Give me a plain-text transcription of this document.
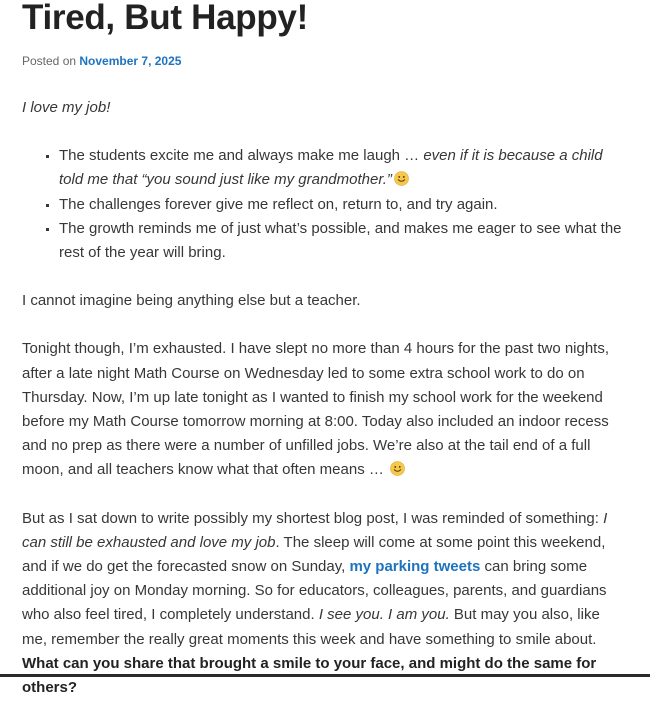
Tired, But Happy!
Posted on November 7, 2025

I love my job!

▪ The students excite me and always make me laugh … even if it is because a child told me that “you sound just like my grandmother.”
▪ The challenges forever give me reflect on, return to, and try again.
▪ The growth reminds me of just what’s possible, and makes me eager to see what the rest of the year will bring.

I cannot imagine being anything else but a teacher.

Tonight though, I’m exhausted. I have slept no more than 4 hours for the past two nights, after a late night Math Course on Wednesday led to some extra school work to do on Thursday. Now, I’m up late tonight as I wanted to finish my school work for the weekend before my Math Course tomorrow morning at 8:00. Today also included an indoor recess and no prep as there were a number of unfilled jobs. We’re also at the tail end of a full moon, and all teachers know what that often means …

But as I sat down to write possibly my shortest blog post, I was reminded of something: I can still be exhausted and love my job. The sleep will come at some point this weekend, and if we do get the forecasted snow on Sunday, my parking tweets can bring some additional joy on Monday morning. So for educators, colleagues, parents, and guardians who also feel tired, I completely understand. I see you. I am you. But may you also, like me, remember the really great moments this week and have something to smile about. What can you share that brought a smile to your face, and might do the same for others?
